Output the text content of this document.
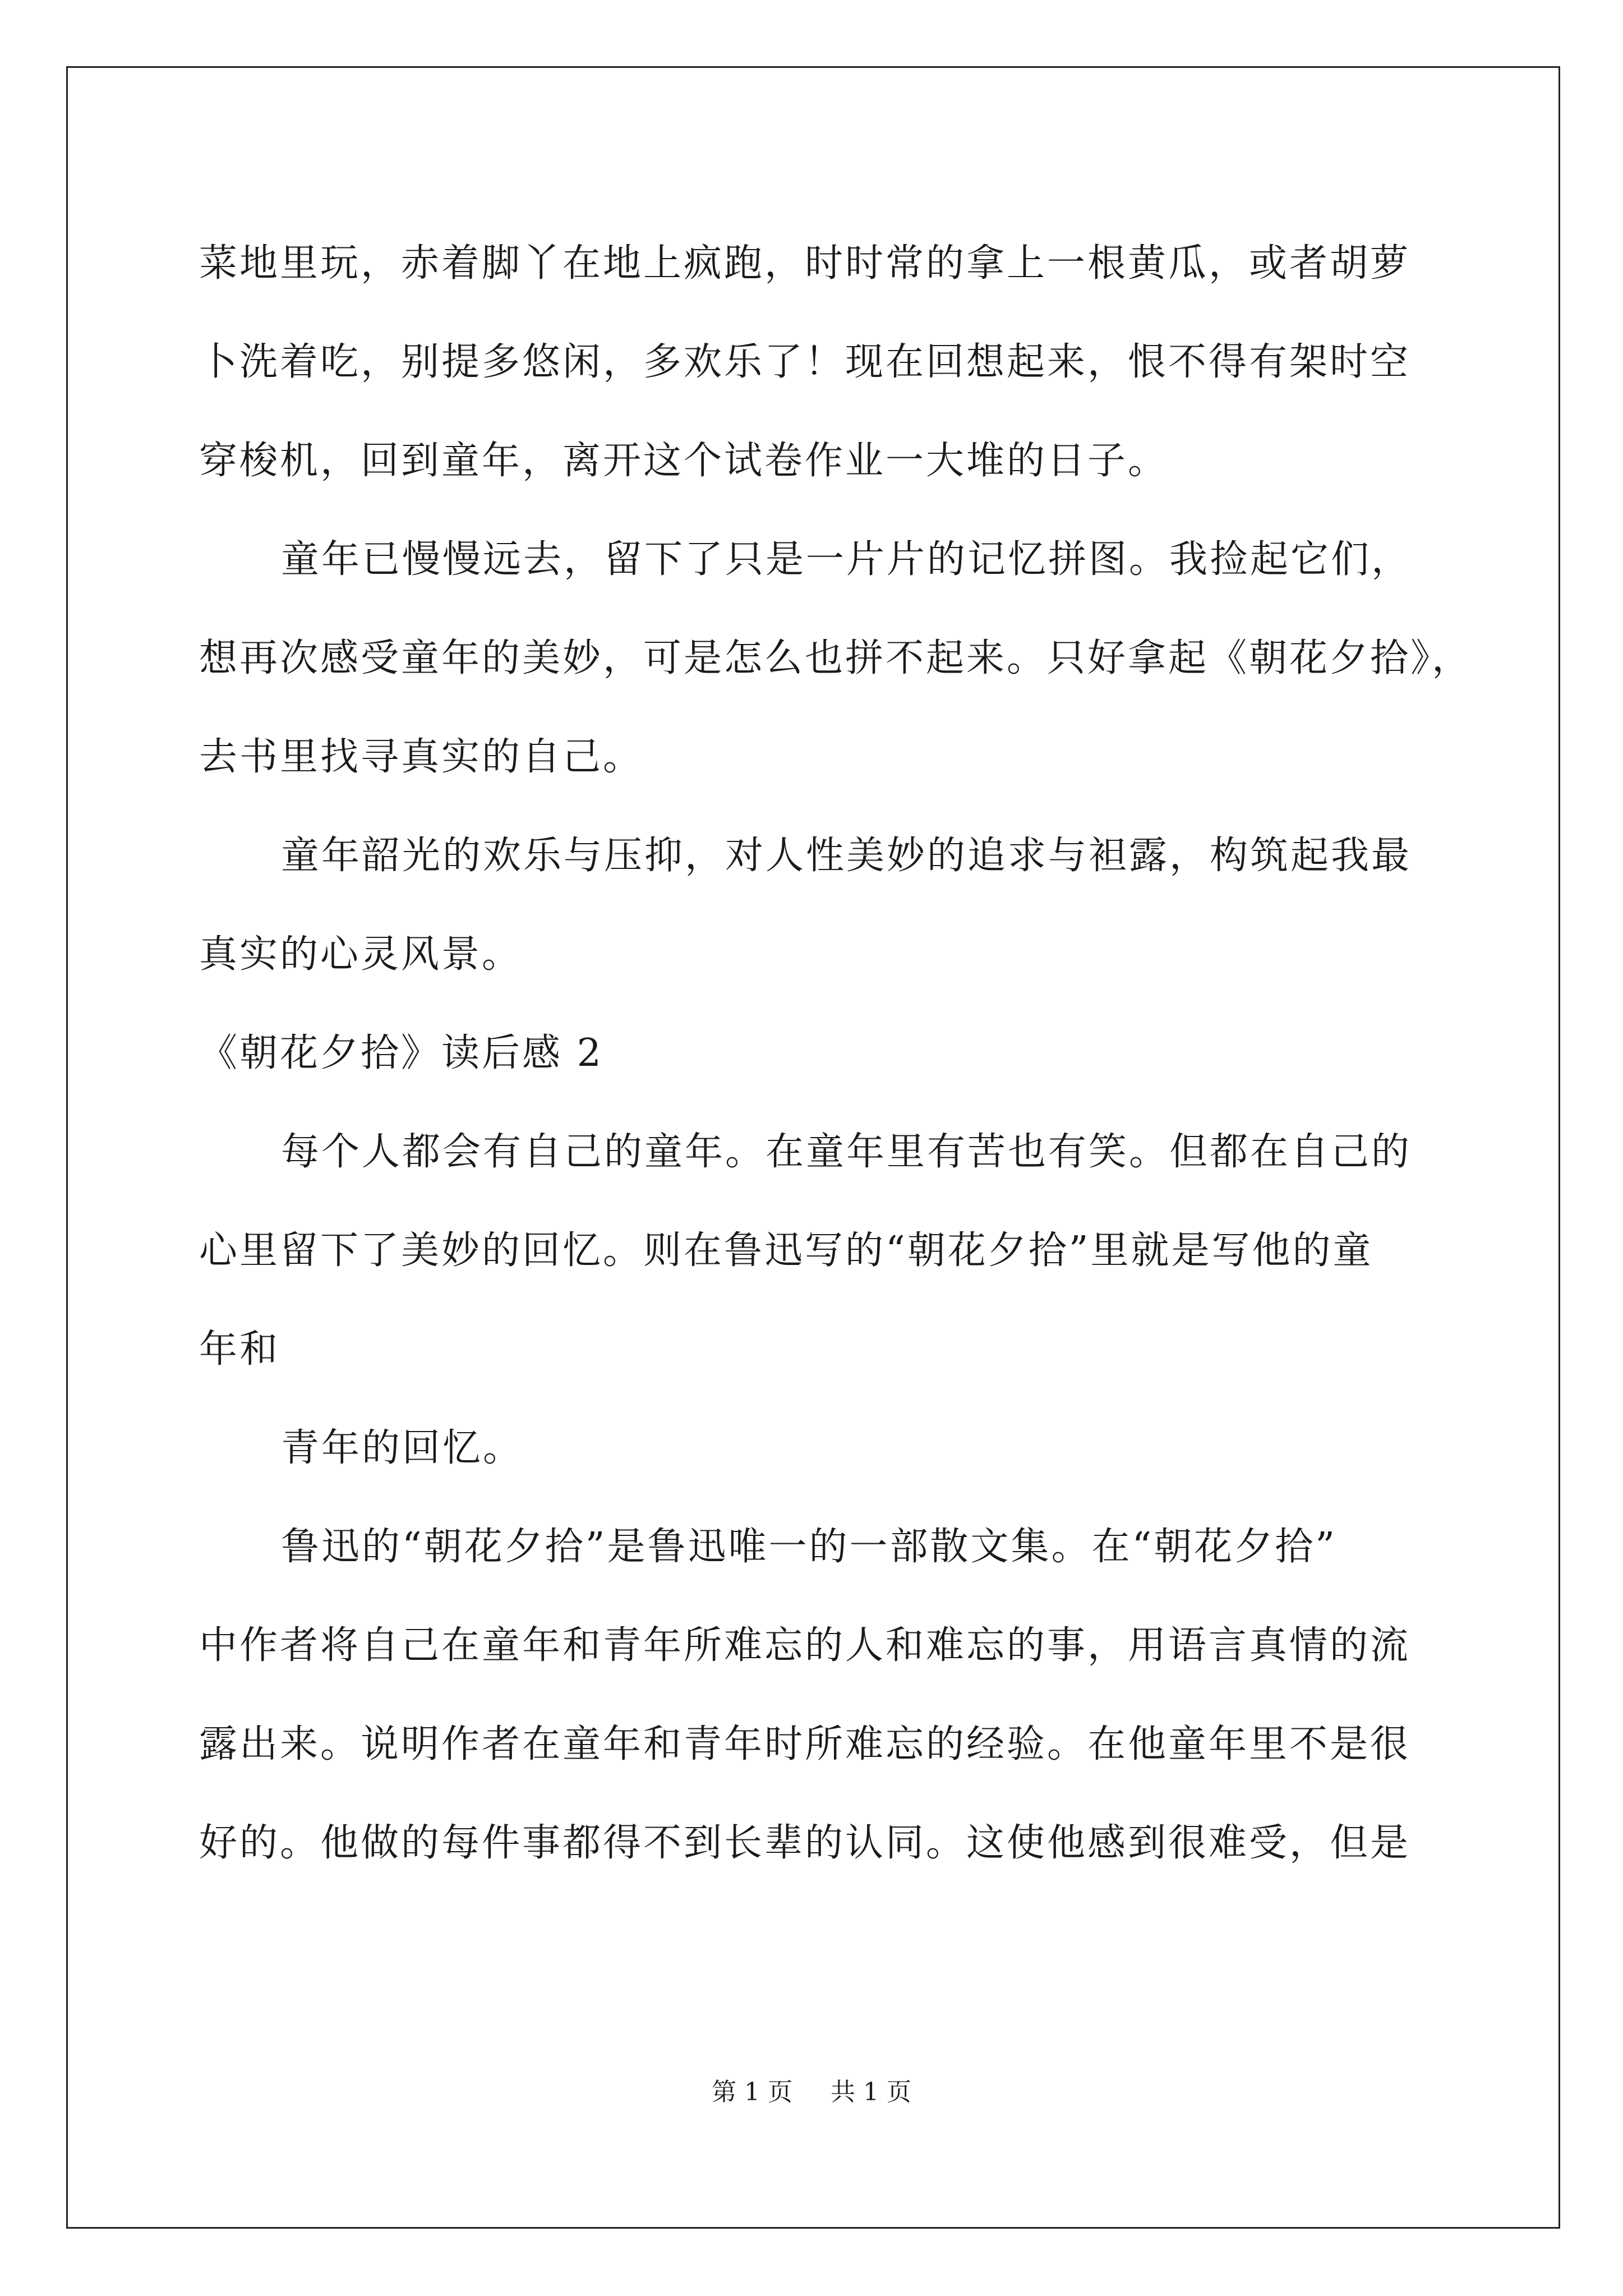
菜地里玩，赤着脚丫在地上疯跑，时时常的拿上一根黄瓜，或者胡萝
卜洗着吃，别提多悠闲，多欢乐了！现在回想起来，恨不得有架时空
穿梭机，回到童年，离开这个试卷作业一大堆的日子。
童年已慢慢远去，留下了只是一片片的记忆拼图。我捡起它们，
想再次感受童年的美妙，可是怎么也拼不起来。只好拿起《朝花夕拾》，
去书里找寻真实的自己。
童年韶光的欢乐与压抑，对人性美妙的追求与袒露，构筑起我最
真实的心灵风景。
《朝花夕拾》读后感 2
每个人都会有自己的童年。在童年里有苦也有笑。但都在自己的
心里留下了美妙的回忆。则在鲁迅写的“朝花夕拾”里就是写他的童
年和
青年的回忆。
鲁迅的“朝花夕拾”是鲁迅唯一的一部散文集。在“朝花夕拾”
中作者将自己在童年和青年所难忘的人和难忘的事，用语言真情的流
露出来。说明作者在童年和青年时所难忘的经验。在他童年里不是很
好的。他做的每件事都得不到长辈的认同。这使他感到很难受，但是
第 1 页 共 1 页
